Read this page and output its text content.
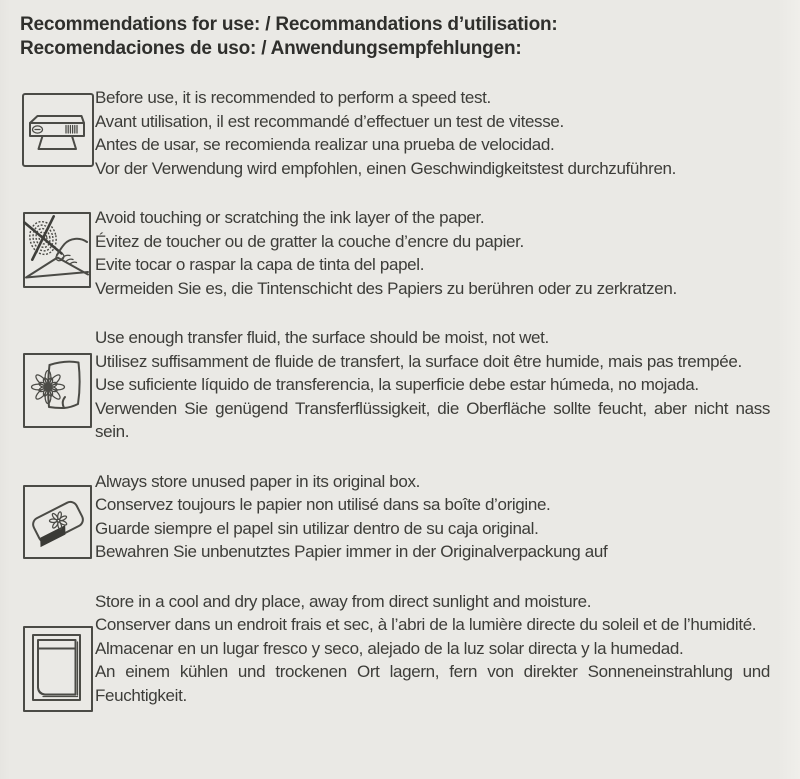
Recommendations for use: / Recommandations d’utilisation:
Recomendaciones de uso: / Anwendungsempfehlungen:

Before use, it is recommended to perform a speed test.

Avant utilisation, il est recommandé d’effectuer un test de vitesse.

Antes de usar, se recomienda realizar una prueba de velocidad.

Vor der Verwendung wird empfohlen, einen Geschwindigkeitstest durchzuführen.

Avoid touching or scratching the ink layer of the paper.

Évitez de toucher ou de gratter la couche d’encre du papier.

Evite tocar o raspar la capa de tinta del papel.

Vermeiden Sie es, die Tintenschicht des Papiers zu berühren oder zu zerkratzen.

Use enough transfer fluid, the surface should be moist, not wet.

Utilisez suffisamment de fluide de transfert, la surface doit être humide, mais pas trempée.

Use suficiente líquido de transferencia, la superficie debe estar húmeda, no mojada.

Verwenden Sie genügend Transferflüssigkeit, die Oberfläche sollte feucht, aber nicht nass sein.

Always store unused paper in its original box.

Conservez toujours le papier non utilisé dans sa boîte d’origine.

Guarde siempre el papel sin utilizar dentro de su caja original.

Bewahren Sie unbenutztes Papier immer in der Originalverpackung auf

Store in a cool and dry place, away from direct sunlight and moisture.

Conserver dans un endroit frais et sec, à l’abri de la lumière directe du soleil et de l’humidité.

Almacenar en un lugar fresco y seco, alejado de la luz solar directa y la humedad.

An einem kühlen und trockenen Ort lagern, fern von direkter Sonneneinstrahlung und Feuchtigkeit.
